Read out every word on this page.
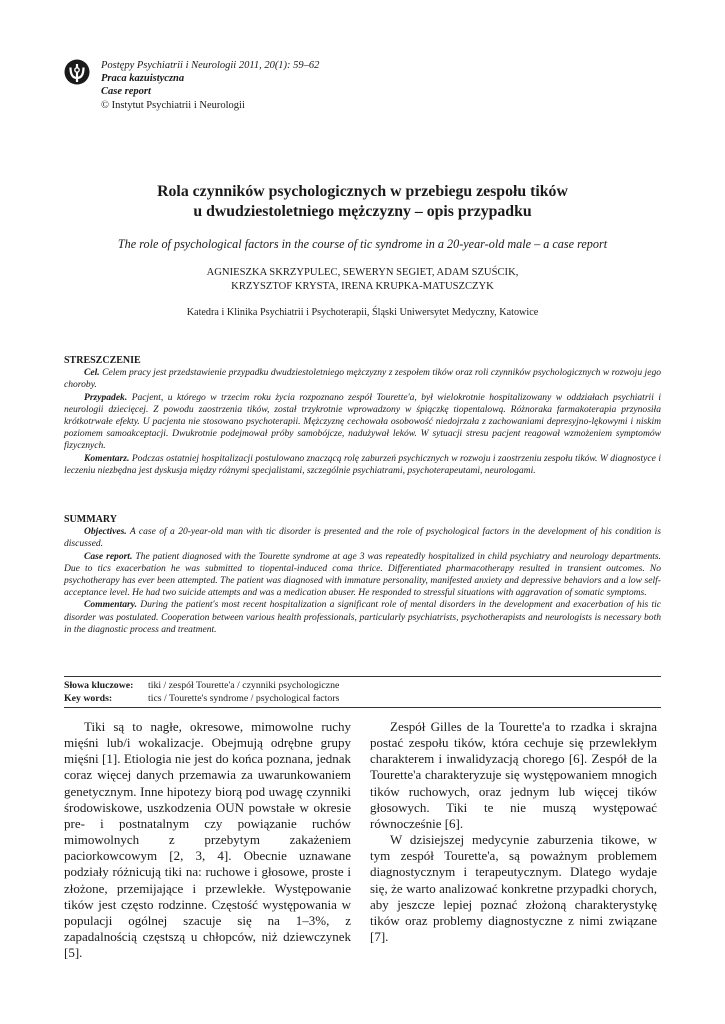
Postępy Psychiatrii i Neurologii 2011, 20(1): 59–62
Praca kazuistyczna
Case report
© Instytut Psychiatrii i Neurologii
Rola czynników psychologicznych w przebiegu zespołu tików
u dwudziestoletniego mężczyzny – opis przypadku
The role of psychological factors in the course of tic syndrome in a 20-year-old male – a case report
AGNIESZKA SKRZYPULEC, SEWERYN SEGIET, ADAM SZUŚCIK,
KRZYSZTOF KRYSTA, IRENA KRUPKA-MATUSZCZYK
Katedra i Klinika Psychiatrii i Psychoterapii, Śląski Uniwersytet Medyczny, Katowice
STRESZCZENIE

Cel. Celem pracy jest przedstawienie przypadku dwudziestoletniego mężczyzny z zespołem tików oraz roli czynników psychologicznych w rozwoju jego choroby.

Przypadek. Pacjent, u którego w trzecim roku życia rozpoznano zespół Tourette'a, był wielokrotnie hospitalizowany w oddziałach psychiatrii i neurologii dziecięcej. Z powodu zaostrzenia tików, został trzykrotnie wprowadzony w śpiączkę tiopentalową. Różnoraka farmakoterapia przynosiła krótkotrwałe efekty. U pacjenta nie stosowano psychoterapii. Mężczyznę cechowała osobowość niedojrzała z zachowaniami depresyjno-lękowymi i niskim poziomem samoakceptacji. Dwukrotnie podejmował próby samobójcze, nadużywał leków. W sytuacji stresu pacjent reagował wzmożeniem symptomów fizycznych.

Komentarz. Podczas ostatniej hospitalizacji postulowano znaczącą rolę zaburzeń psychicznych w rozwoju i zaostrzeniu zespołu tików. W diagnostyce i leczeniu niezbędna jest dyskusja między różnymi specjalistami, szczególnie psychiatrami, psychoterapeutami, neurologami.

SUMMARY

Objectives. A case of a 20-year-old man with tic disorder is presented and the role of psychological factors in the development of his condition is discussed.

Case report. The patient diagnosed with the Tourette syndrome at age 3 was repeatedly hospitalized in child psychiatry and neurology departments. Due to tics exacerbation he was submitted to tiopental-induced coma thrice. Differentiated pharmacotherapy resulted in transient outcomes. No psychotherapy has ever been attempted. The patient was diagnosed with immature personality, manifested anxiety and depressive behaviors and a low self-acceptance level. He had two suicide attempts and was a medication abuser. He responded to stressful situations with aggravation of somatic symptoms.

Commentary. During the patient's most recent hospitalization a significant role of mental disorders in the development and exacerbation of his tic disorder was postulated. Cooperation between various health professionals, particularly psychiatrists, psychotherapists and neurologists is necessary both in the diagnostic process and treatment.

Słowa kluczowe: tiki / zespół Tourette'a / czynniki psychologiczne
Key words:	tics / Tourette's syndrome / psychological factors

Tiki są to nagłe, okresowe, mimowolne ruchy mięśni lub/i wokalizacje. Obejmują odrębne grupy mięśni [1]. Etiologia nie jest do końca poznana, jednak coraz więcej danych przemawia za uwarunkowaniem genetycznym. Inne hipotezy biorą pod uwagę czynniki środowiskowe, uszkodzenia OUN powstałe w okresie pre- i postnatalnym czy powiązanie ruchów mimowolnych z przebytym zakażeniem paciorkowcowym [2, 3, 4]. Obecnie uznawane podziały różnicują tiki na: ruchowe i głosowe, proste i złożone, przemijające i przewlekłe. Występowanie tików jest często rodzinne. Częstość występowania w populacji ogólnej szacuje się na 1–3%, z zapadalnością częstszą u chłopców, niż dziewczynek [5].

Zespół Gilles de la Tourette'a to rzadka i skrajna postać zespołu tików, która cechuje się przewlekłym charakterem i inwalidyzacją chorego [6]. Zespół de la Tourette'a charakteryzuje się występowaniem mnogich tików ruchowych, oraz jednym lub więcej tików głosowych. Tiki te nie muszą występować równocześnie [6].

W dzisiejszej medycynie zaburzenia tikowe, w tym zespół Tourette'a, są poważnym problemem diagnostycznym i terapeutycznym. Dlatego wydaje się, że warto analizować konkretne przypadki chorych, aby jeszcze lepiej poznać złożoną charakterystykę tików oraz problemy diagnostyczne z nimi związane [7].
